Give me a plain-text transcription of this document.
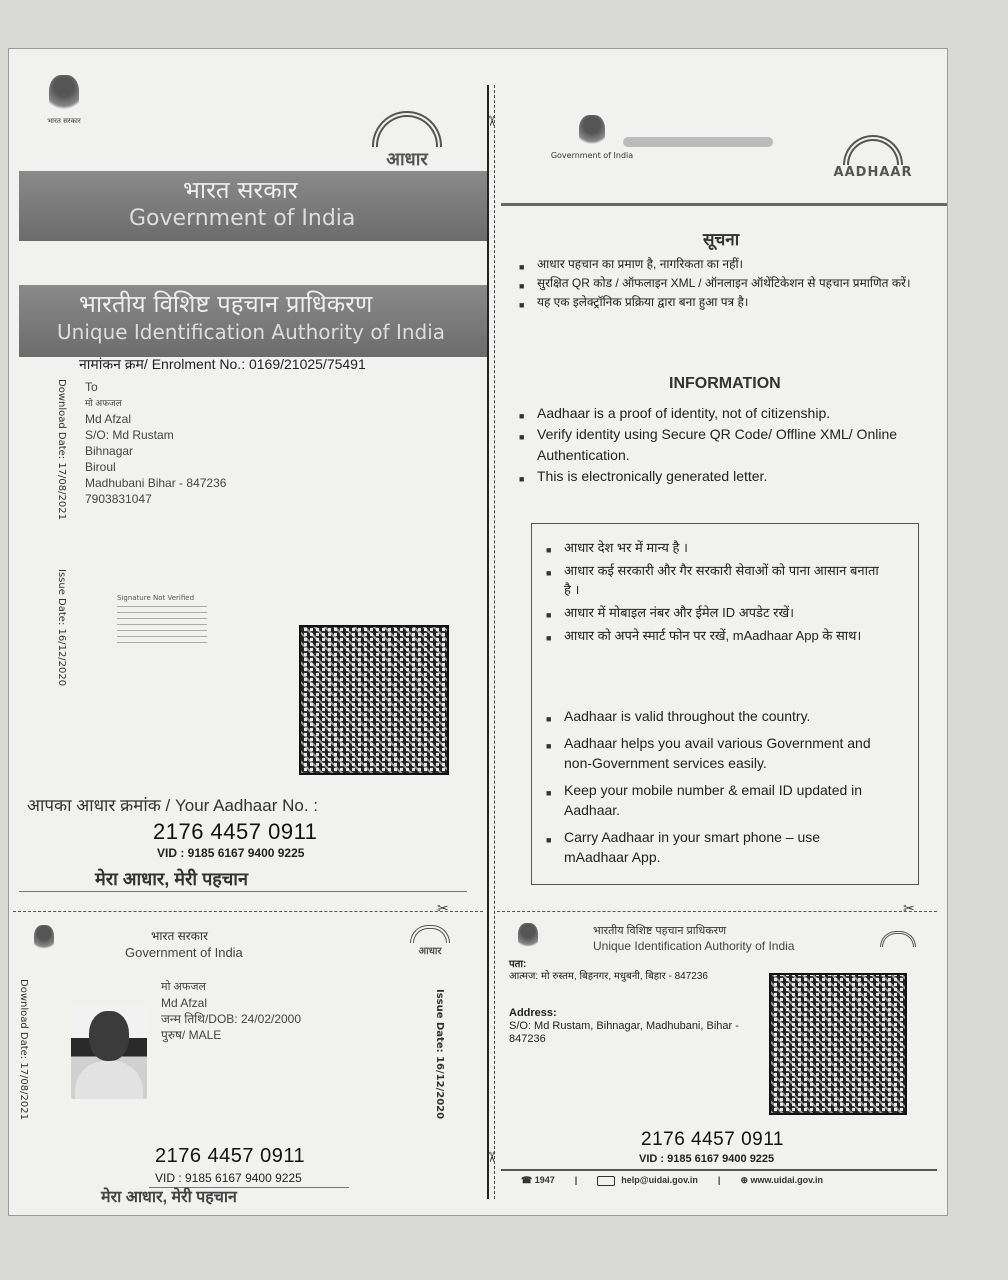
भारत सरकार
आधार
भारत सरकार
Government of India
भारतीय विशिष्ट पहचान प्राधिकरण
Unique Identification Authority of India
नामांकन क्रम/ Enrolment No.: 0169/21025/75491
Download Date: 17/08/2021
Issue Date: 16/12/2020
To
मो अफजल
Md Afzal
S/O: Md Rustam
Bihnagar
Biroul
Madhubani Bihar - 847236
7903831047
Signature Not Verified
आपका आधार क्रमांक / Your Aadhaar No. :
2176 4457 0911
VID : 9185 6167 9400 9225
मेरा आधार, मेरी पहचान
✂
भारत सरकार
Government of India	आधार
Download Date: 17/08/2021	Issue Date: 16/12/2020
मो अफजल
Md Afzal
जन्म तिथि/DOB: 24/02/2000
पुरुष/ MALE
2176 4457 0911
VID : 9185 6167 9400 9225
मेरा आधार, मेरी पहचान
✂
✂
Government of India
AADHAAR
सूचना
■ आधार पहचान का प्रमाण है, नागरिकता का नहीं।
■ सुरक्षित QR कोड / ऑफलाइन XML / ऑनलाइन ऑथेंटिकेशन से पहचान प्रमाणित करें।
■ यह एक इलेक्ट्रॉनिक प्रक्रिया द्वारा बना हुआ पत्र है।
INFORMATION
■ Aadhaar is a proof of identity, not of citizenship.
■ Verify identity using Secure QR Code/ Offline XML/ Online Authentication.
■ This is electronically generated letter.
■ आधार देश भर में मान्य है ।
■ आधार कई सरकारी और गैर सरकारी सेवाओं को पाना आसान बनाता है ।
■ आधार में मोबाइल नंबर और ईमेल ID अपडेट रखें।
■ आधार को अपने स्मार्ट फोन पर रखें, mAadhaar App के साथ।
■ Aadhaar is valid throughout the country.
■ Aadhaar helps you avail various Government and non-Government services easily.
■ Keep your mobile number & email ID updated in Aadhaar.
■ Carry Aadhaar in your smart phone – use mAadhaar App.
✂
भारतीय विशिष्ट पहचान प्राधिकरण
Unique Identification Authority of India
पता:
आत्मज: मो रुस्तम, बिहनगर, मधुबनी, बिहार - 847236
Address:
S/O: Md Rustam, Bihnagar, Madhubani, Bihar - 847236
2176 4457 0911
VID : 9185 6167 9400 9225
☎ 1947 |	help@uidai.gov.in | ⊕ www.uidai.gov.in
